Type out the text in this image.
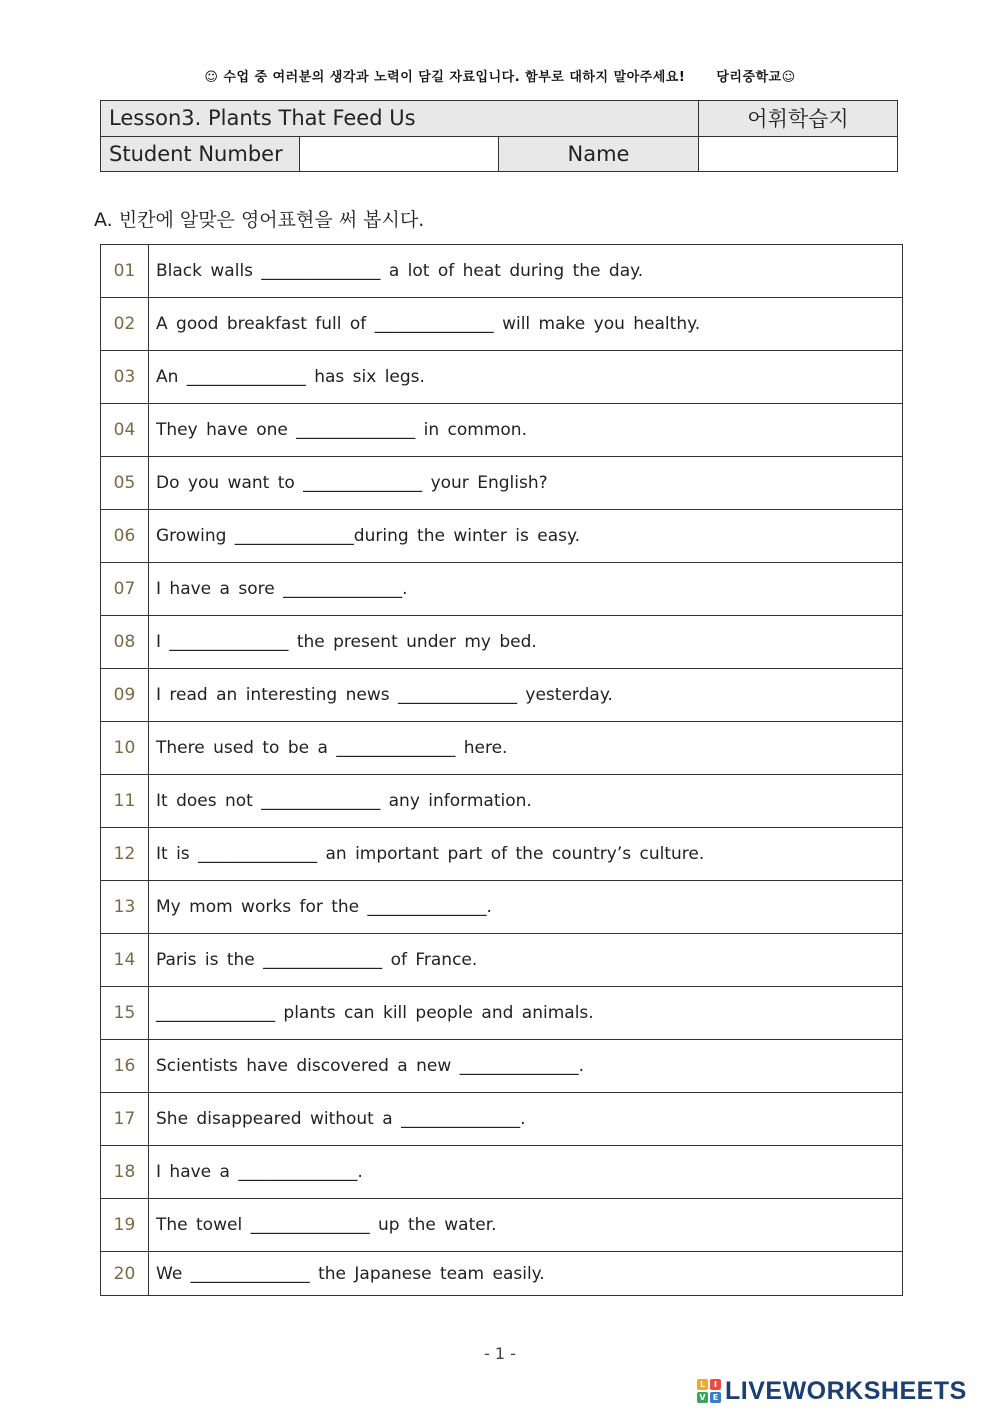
☺ 수업 중 여러분의 생각과 노력이 담길 자료입니다. 함부로 대하지 말아주세요! 당리중학교☺
Lesson3. Plants That Feed Us			어휘학습지
Student Number		Name	
A. 빈칸에 알맞은 영어표현을 써 봅시다.
01	Black walls ______________ a lot of heat during the day.
02	A good breakfast full of ______________ will make you healthy.
03	An ______________ has six legs.
04	They have one ______________ in common.
05	Do you want to ______________ your English?
06	Growing ______________during the winter is easy.
07	I have a sore ______________.
08	I ______________ the present under my bed.
09	I read an interesting news ______________ yesterday.
10	There used to be a ______________ here.
11	It does not ______________ any information.
12	It is ______________ an important part of the country’s culture.
13	My mom works for the ______________.
14	Paris is the ______________ of France.
15	______________ plants can kill people and animals.
16	Scientists have discovered a new ______________.
17	She disappeared without a ______________.
18	I have a ______________.
19	The towel ______________ up the water.
20	We ______________ the Japanese team easily.
- 1 -
L	I
V E LIVEWORKSHEETS
